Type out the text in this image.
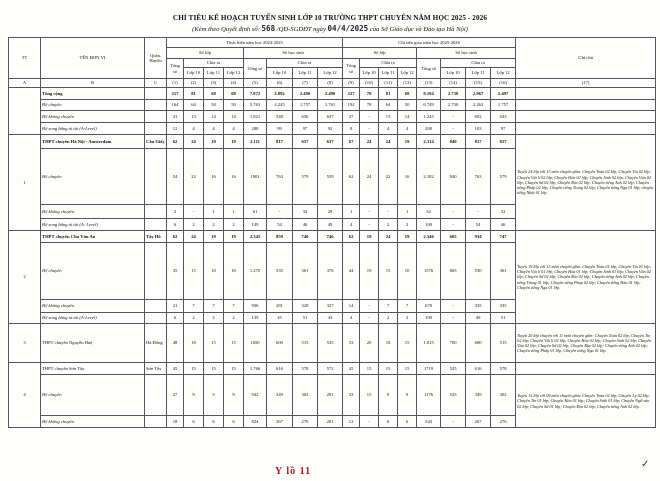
CHỈ TIÊU KẾ HOẠCH TUYỂN SINH LỚP 10 TRƯỜNG THPT CHUYÊN NĂM HỌC 2025 - 2026
(Kèm theo Quyết định số: 568 /QĐ-SGDĐT ngày 04/4/2025 của Sở Giáo dục và Đào tạo Hà Nội)
TT	TÊN ĐƠN VỊ	Quận, Huyện	Thực hiện năm học 2024-2025								Chỉ tiêu giao năm học 2025-2026								Ghi chú
			Số lớp				Số học sinh				Số lớp				Số học sinh				
			Tổng số	Chia ra			Tổng số	Chia ra			Tổng số	Chia ra			Tổng số	Chia ra			
				Lớp 10	Lớp 11	Lớp 12		Lớp 10	Lớp 11	Lớp 12		Lớp 10	Lớp 11	Lớp 12		Lớp 10	Lớp 11	Lớp 12	
A	B	C	(1)	(2)	(3)	(4)	(5)	(6)	(7)	(8)	(9)	(10)	(11)	(12)	(13)	(14)	(15)	(16)	(17)
	Tổng cộng		217	81	68	68	7.872	2.892	2.490	2.490	227	78	81	68	8.194	2.730	2.967	2.497	
	Hệ chuyên		164	64	50	50	5.763	2.245	1.757	1.761	192	78	64	50	6.749	2.730	2.262	1.757	
	Hệ không chuyên		41	13	14	14	1.821	548	636	637	27	-	13	14	1.245	-	602	643	
	Hệ song bằng tú tài (A-Level)		12	4	4	4	288	99	97	92	8	-	4	4	200	-	103	97	
1	THPT chuyên Hà Nội - Amsterdam	Cầu Giấy	62	24	19	19	2.111	817	657	637	67	24	24	19	2.314	840	817	657	Tuyển 24 lớp với 13 môn chuyên gồm: Chuyên Toán 02 lớp; Chuyên Tin 02 lớp; Chuyên Vật lí 02 lớp; Chuyên Hóa 02 lớp; Chuyên Sinh 02 lớp; Chuyên Văn 02 lớp; Chuyên Sử 02 lớp; Chuyên Địa 02 lớp; Chuyên tiếng Anh 02 lớp; Chuyên tiếng Pháp 02 lớp; Chuyên tiếng Trung 02 lớp; Chuyên tiếng Nga 01 lớp; chuyên tiếng Nhật 01 lớp.
	Hệ chuyên		54	22	16	16	1901	763	579	559	62	24	22	16	2.182	840	763	579	
	Hệ không chuyên		2	-	1	1	61	-	32	29	1	-	-	1	32	-	-	32	
	Hệ song bằng tú tài (A- Level)		6	2	2	2	149	54	46	49	4	-	2	2	100	-	54	46	
2	THPT chuyên Chu Văn An	Tây Hồ	62	24	19	19	2.345	859	740	746	62	19	24	19	2.346	665	934	747	Tuyển 19 lớp với 13 môn chuyên gồm: Chuyên Toán 01 lớp; Chuyên Tin 01 lớp; Chuyên Vật lí 01 lớp; Chuyên Hóa 01 lớp; Chuyên Sinh 01 lớp; Chuyên Văn 02 lớp; Chuyên Sử 02 lớp; Chuyên Địa 02 lớp; Chuyên tiếng Anh 02 lớp; Chuyên tiếng Trung 01 lớp; Chuyên tiếng Pháp 02 lớp; Chuyên tiếng Hàn 01 lớp; Chuyên tiếng Nga 01 lớp.
	Hệ chuyên		35	15	10	10	1.270	535	361	376	44	19	15	10	1576	665	530	361	
	Hệ không chuyên		21	7	7	7	936	281	328	327	14	-	7	7	670	-	335	335	
	Hệ song bằng tú tài (A-Level)		6	2	2	2	139	45	51	43	4	-	2	2	100	-	49	51	
3	THPT chuyên Nguyễn Huệ	Hà Đông	48	18	15	15	1650	600	515	535	53	20	18	15	1.815	700	600	515	Tuyển 20 lớp chuyên với 11 môn chuyên gồm: Chuyên Toán 02 lớp; Chuyên Tin 02 lớp; Chuyên Vật lí 02 lớp; Chuyên Hóa 02 lớp; Chuyên Sinh 02 lớp; Chuyên Văn 02 lớp; Chuyên Sử 02 lớp; Chuyên Địa 02 lớp; Chuyên tiếng Anh 02 lớp; Chuyên tiếng Pháp 01 lớp; Chuyên tiếng Nga 01 lớp.
4	THPT chuyên Sơn Tây	Sơn Tây	45	15	15	15	1.766	616	578	572	45	15	15	15	1719	525	616	578	
	Hệ chuyên		27	9	9	9	942	349	302	291	33	15	9	9	1176	525	349	302	Tuyển 15 lớp với 09 môn chuyên gồm: Chuyên Toán 02 lớp; Chuyên Lý 02 lớp; Chuyên Tin 01 lớp; Chuyên Hóa 01 lớp; Chuyên Sinh 01 lớp; Chuyên Ngữ văn 02 lớp; Chuyên Sử 01 lớp; Chuyên Địa 02 lớp; Chuyên tiếng Anh 02 lớp.
	Hệ không chuyên		18	6	6	6	824	267	276	281	12	-	6	6	543	-	267	276	
Y lồ 11
✓
